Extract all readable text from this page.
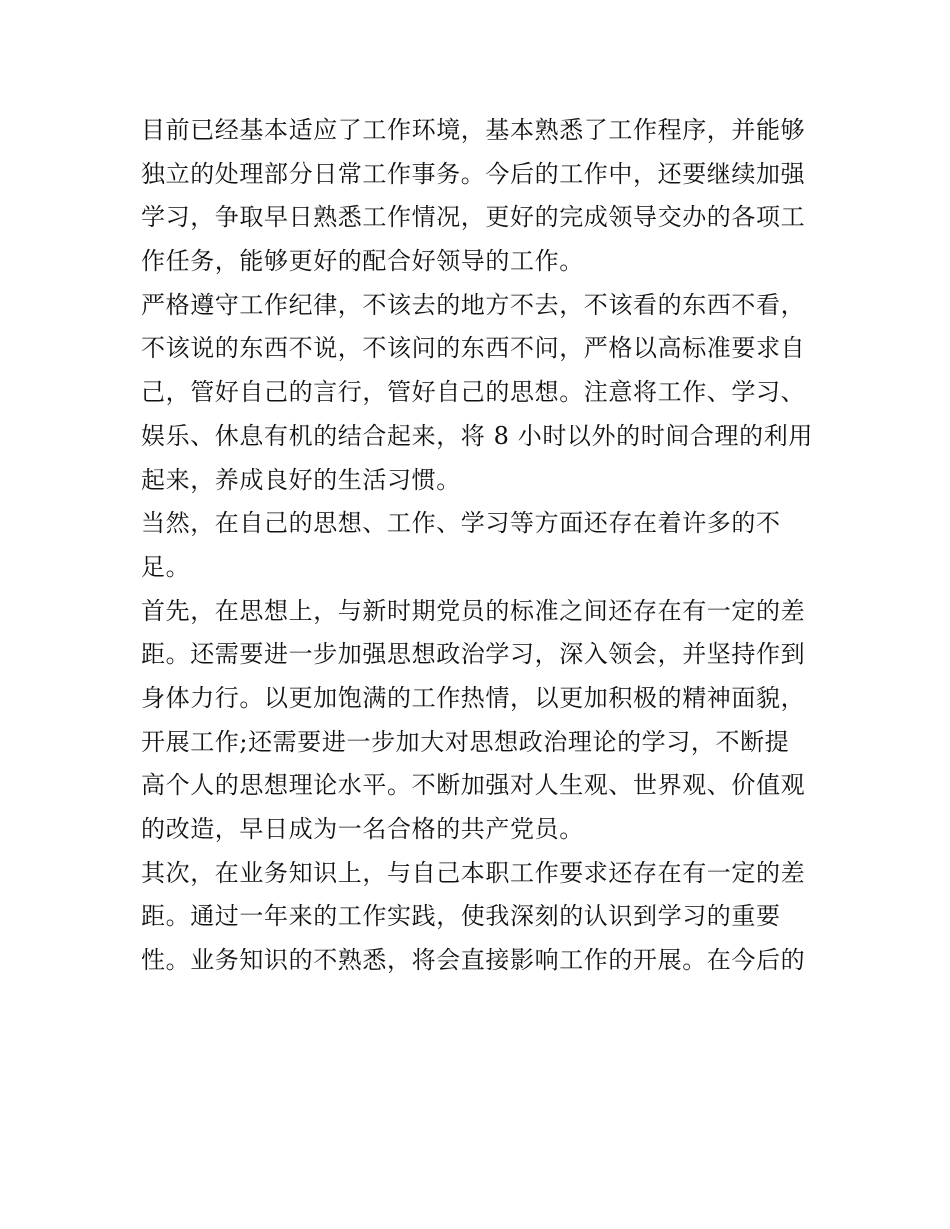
目前已经基本适应了工作环境，基本熟悉了工作程序，并能够
独立的处理部分日常工作事务。今后的工作中，还要继续加强
学习，争取早日熟悉工作情况，更好的完成领导交办的各项工
作任务，能够更好的配合好领导的工作。
严格遵守工作纪律，不该去的地方不去，不该看的东西不看，
不该说的东西不说，不该问的东西不问，严格以高标准要求自
己，管好自己的言行，管好自己的思想。注意将工作、学习、
娱乐、休息有机的结合起来，将 8 小时以外的时间合理的利用
起来，养成良好的生活习惯。
当然，在自己的思想、工作、学习等方面还存在着许多的不
足。
首先，在思想上，与新时期党员的标准之间还存在有一定的差
距。还需要进一步加强思想政治学习，深入领会，并坚持作到
身体力行。以更加饱满的工作热情，以更加积极的精神面貌，
开展工作;还需要进一步加大对思想政治理论的学习，不断提
高个人的思想理论水平。不断加强对人生观、世界观、价值观
的改造，早日成为一名合格的共产党员。
其次，在业务知识上，与自己本职工作要求还存在有一定的差
距。通过一年来的工作实践，使我深刻的认识到学习的重要
性。业务知识的不熟悉，将会直接影响工作的开展。在今后的
